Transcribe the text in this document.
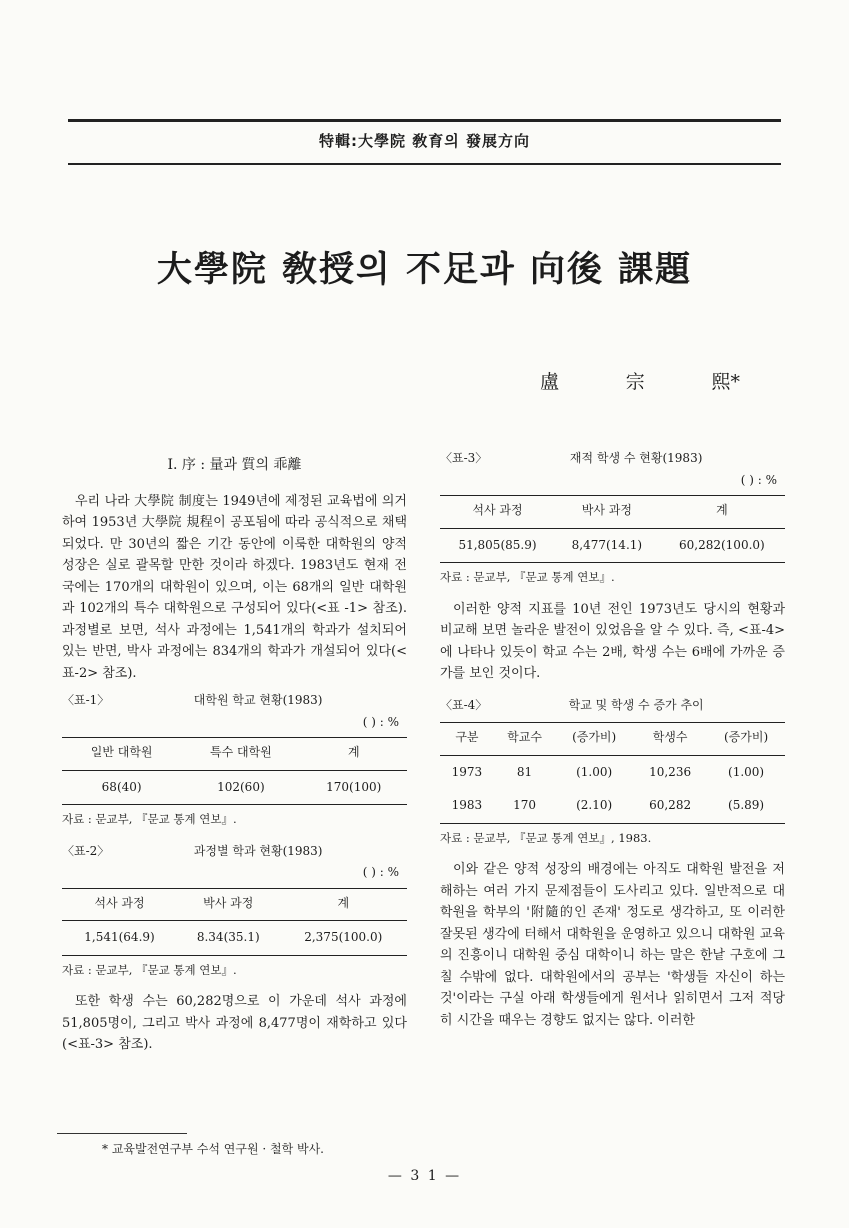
特輯:大學院 敎育의 發展方向
大學院 敎授의 不足과 向後 課題
盧	宗	熙*
Ⅰ. 序 : 量과 質의 乖離

우리 나라 大學院 制度는 1949년에 제정된 교육법에 의거하여 1953년 大學院 規程이 공포됨에 따라 공식적으로 채택되었다. 만 30년의 짧은 기간 동안에 이룩한 대학원의 양적 성장은 실로 괄목할 만한 것이라 하겠다. 1983년도 현재 전국에는 170개의 대학원이 있으며, 이는 68개의 일반 대학원과 102개의 특수 대학원으로 구성되어 있다(<표 -1> 참조). 과정별로 보면, 석사 과정에는 1,541개의 학과가 설치되어 있는 반면, 박사 과정에는 834개의 학과가 개설되어 있다(<표-2> 참조).

〈표-1〉	대학원 학교 현황(1983)
( ) : %
일반 대학원	특수 대학원	계
68(40)	102(60)	170(100)
자료 : 문교부, 『문교 통계 연보』.
〈표-2〉	과정별 학과 현황(1983)
( ) : %
석사 과정	박사 과정	계
1,541(64.9)	8.34(35.1)	2,375(100.0)
자료 : 문교부, 『문교 통계 연보』.

또한 학생 수는 60,282명으로 이 가운데 석사 과정에 51,805명이, 그리고 박사 과정에 8,477명이 재학하고 있다(<표-3> 참조).

〈표-3〉	재적 학생 수 현황(1983)
( ) : %
석사 과정	박사 과정	계
51,805(85.9)	8,477(14.1)	60,282(100.0)
자료 : 문교부, 『문교 통계 연보』.

이러한 양적 지표를 10년 전인 1973년도 당시의 현황과 비교해 보면 놀라운 발전이 있었음을 알 수 있다. 즉, <표-4>에 나타나 있듯이 학교 수는 2배, 학생 수는 6배에 가까운 증가를 보인 것이다.

〈표-4〉	학교 및 학생 수 증가 추이
구분	학교수	(증가비)	학생수	(증가비)
1973	81	(1.00)	10,236	(1.00)
1983	170	(2.10)	60,282	(5.89)
자료 : 문교부, 『문교 통계 연보』, 1983.

이와 같은 양적 성장의 배경에는 아직도 대학원 발전을 저해하는 여러 가지 문제점들이 도사리고 있다. 일반적으로 대학원을 학부의 '附隨的인 존재' 정도로 생각하고, 또 이러한 잘못된 생각에 터해서 대학원을 운영하고 있으니 대학원 교육의 진흥이니 대학원 중심 대학이니 하는 말은 한낱 구호에 그칠 수밖에 없다. 대학원에서의 공부는 '학생들 자신이 하는 것'이라는 구실 아래 학생들에게 원서나 읽히면서 그저 적당히 시간을 때우는 경향도 없지는 않다. 이러한

* 교육발전연구부 수석 연구원 · 철학 박사.
— 3 1 —
